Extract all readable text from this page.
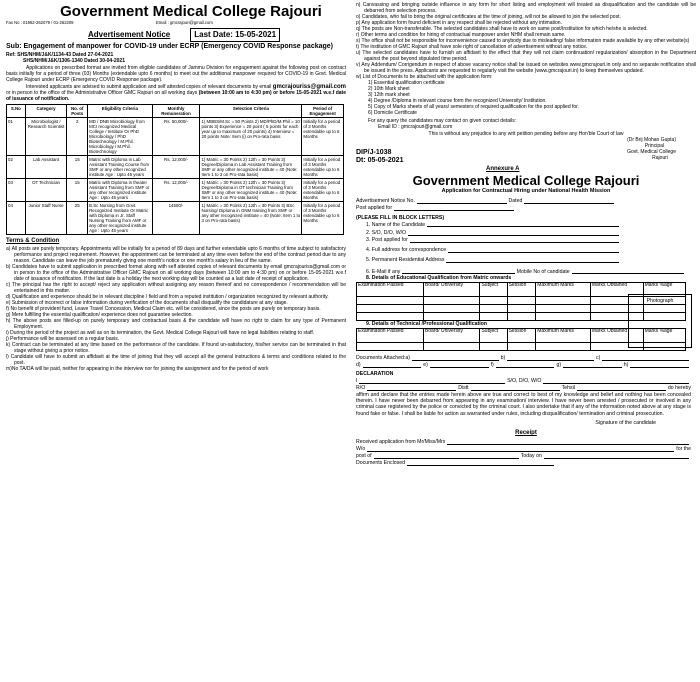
Government Medical College Rajouri
Fax No : 01962-262079 / 01-262209	Email : gmcrajouri@gmail.com
Advertisement Notice	Last Date: 15-05-2021
Sub: Engagement of manpower for COVID-19 under ECRP (Emergency COVID Response package)
Ref: SHS/NHM/J&K/1134-43 Dated 27-04-2021
SHS/NHM/J&K/1306-1340 Dated 30-04-2021

Applications on prescribed format are invited from eligible candidates of Jammu Division for engagement against the following post on contract basis initially for a period of three (03) Months (extendable upto 6 months) to meet out the additional manpower required for COVID-19 in Govt. Medical College Rajouri under ECRP (Emergency COVID Response package).

Interested applicants are advised to submit application and self attested copies of relevant documents by email gmcrajouriss@gmail.com or in person to the office of the Administrative Officer GMC Rajouri on all working days (between 10:00 am to 4:30 pm) or before 15-05-2021 w.e.f date of issuance of notification.

S.No	Category	No. of Posts	Eligibility Criteria	Monthly Remuneration	Selection Criteria	Period of Engagement
01	Microbiologist / Research Scientist	2	MD / DNB Microbiology from MCI recognized Medical College / Institute Or PhD Microbiology / PhD Biotechnology / M.Phil. Microbiology / M.Phil. Biotechnology	Rs. 50,000/-	1) MBBS/M.Sc = 50 Points 2) MD/PhD/M.Phil = 10 points 3) Experience = 20 point ( 5 points for each year up to maximum of 20 points) 4) Interview = 20 points Note: Item (i) on Pro-rata basis	Initially for a period of 3 Months extendable up to 6 Months
02	Lab Assistant	15	Matric with Diploma in Lab Assistant Training Course from SMF or any other recognized institute Age : Upto 45 years	Rs. 12,000/-	1) Matric = 30 Points 2) 12th = 30 Points 3) Degree/Diploma in Lab Assistant Training from SMF or any other recognized institute = 40 (Note: Item 1 to 3 on Pro-rata basis)	Initially for a period of 3 Months extendable up to 6 Months
03	OT Technician	15	Matric with Diploma in theater Assistant Training from SMF or any other recognized institute Age : Upto 45 years	Rs. 12,000/-	1) Matric = 30 Points 2) 12th = 30 Points 3) Degree/Diploma in OT technician Training from SMF or any other recognized institute = 40 (Note: Item 1 to 3 on Pro-rata basis)	Initially for a period of 3 Months extendable up to 6 Months
04	Junior Staff Nurse	25	B.Sc Nursing from Govt. Recognized Institute Or Matric with Diploma in Jr. Staff Nursing Training from AMF or any other recognized institute Age : Upto 45 years	14500/-	1) Matric = 30 Points 2) 12th = 30 Points 3) BSc Nursing/ Diploma in GNM training from SMF or any other recognized institute = 40 (Note: Item 1 to 3 on Pro-rata basis)	Initially for a period of 3 Months extendable up to 6 Months
Terms & Condition
a) All posts are purely temporary. Appointments will be initially for a period of 89 days and further extendable upto 6 months of time subject to satisfactory performance and project requirement. However, the appointment can be terminated at any time even before the end of the contract period due to any reason. Candidate can leave the job prematurely giving one month's notice or one month's salary in lieu of the same.
b) Candidates have to submit application in prescribed format along with self attested copies of relevant documents by email gmcrajouriss@gmail.com or in person to the office of the Administrative Officer GMC Rajouri on all working days (between 10:00 am to 4:30 pm) on or before 15-05-2021 w.e.f date of issuance of notification. If the last date is a holiday the next working day will be counted as a last date of receipt of application.
c) The principal has the right to accept/ reject any application without assigning any reason thereof and no correspondence / recommendation will be entertained in this matter.
d) Qualification and experience should be in relevant discipline / field and from a reputed institution / organization recognized by relevant authority.
e) Submission of incorrect or false information during verification of the documents shall disqualify the candidature at any stage.
f) No benefit of provident fund, Leave Travel Concession, Medical Claim etc. will be considered, since the posts are purely on temporary basis.
g) Mere fulfilling the essential qualification/ experience does not guarantee selection.
h) The above posts are filled-up on purely temporary and contractual basis & the candidate will have no right to claim for any type of Permanent Employment.
i) During the period of the project as well as on its termination, the Govt. Medical College Rajouri will have no legal liabilities relating to staff.
j) Performance will be assessed on a regular basis.
k) Contract can be terminated at any time based on the performance of the candidate. If found un-satisfactory, his/her service can be terminated in that stage without giving a prior notice.
l) Candidate will have to submit an affidavit at the time of joining that they will accept all the general instructions & terms and conditions related to the post.
m)No TA/DA will be paid, neither for appearing in the interview nor for joining the assignment and for the period of work
n) Canvassing and bringing outside influence in any form for short listing and employment will treated as disqualification and the candidate will be debarred from selection process.
o) Candidates, who fail to bring the original certificates at the time of joining, will not be allowed to join the selected post.
p) Any application form found deficient in any respect shall be rejected without any intimation.
q) The posts are Non-transferable. The selected candidates shall have to work on same post/Institution for which he/she is selected.
r) Other terms and condition for hiring of contractual manpower under NHM shall remain same.
s) The office shall not be responsible for inconvenience caused to anybody due to misleading/ false information made available by any other website(s)
t) The institution of GMC Rajouri shall have sole right of cancellation of advertisement without any notice.
u) The selected candidates have to furnish an affidavit to the effect that they will not claim continuation/ regularization/ absorption in the Department against the post beyond stipulated time period.
v) Any Addendum/ Corrigendum in respect of above vacancy notice shall be issued on websites www.gmcrajouri.in only and no separate notification shall be issued in the press. Applicants are requested to regularly visit the website (www.gmcrajouri.in) to keep themselves updated.
w) List of Documents to be attached with the application form:
1) Essential qualification certificate
2) 10th Mark sheet
3) 12th mark sheet
4) Degree /Diploma in relevant course form the recognized University/ Institution.
5) Copy of Marks sheets of all years/ semesters of required qualification for the post applied for.
6) Domicile Certificate
For any query the candidates may contact on given contact details:
Email ID : gmcrajouri@gmail.com
This is without any prejudice to any writ petition pending before any Hon'ble Court of law
(Dr Brij Mohan Gupta)
Principal
Govt. Medical College
Rajouri
DIP/J-1038
Dt: 05-05-2021
Annexure A
Government Medical College Rajouri
Application for Contractual Hiring under National Health Mission
Advertisement Notice No.	Dated
Post applied for
Photograph
(PLEASE FILL IN BLOCK LETTERS)
1. Name of the Candidate
2. S/O, D/O, W/O
3. Post applied for
4. Full address for correspondence
5. Permanent Residential Address
6. E-Mail if any	Mobile No of candidate
8. Details of Educational Qualification from Matric onwards
Examination Passed	Board/ University	Subject	Session	Maximum Marks	Marks Obtained	Marks %age

9. Details of Technical /Professional Qualification
Examination Passed	Board/ University	Subject	Session	Maximum Marks	Marks Obtained	Marks %age

Documents Attached: a)	b)	c)
d)	e)	f)	g)	h)
DECLARATION
I	S/O, D/O, W/O
R/O	Distt	Tehsil	do hereby

affirm and declare that the entries made herein above are true and correct to best of my knowledge and belief and nothing has been concealed therein. I have never been debarred from appearing in any examination/ interview. I have never been arrested / prosecuted or involved in any criminal case registered by the police or convicted by the criminal court. I also undertake that if any of the information noted above at any stage is found fake or false. I shall be liable for action as warranted under rules, including disqualification/ termination and criminal prosecution.

Signature of the candidate
Receipt
Received application from Mr/Miss/Mrs
W/o	for the
post of	Today on
Documents Enclosed
